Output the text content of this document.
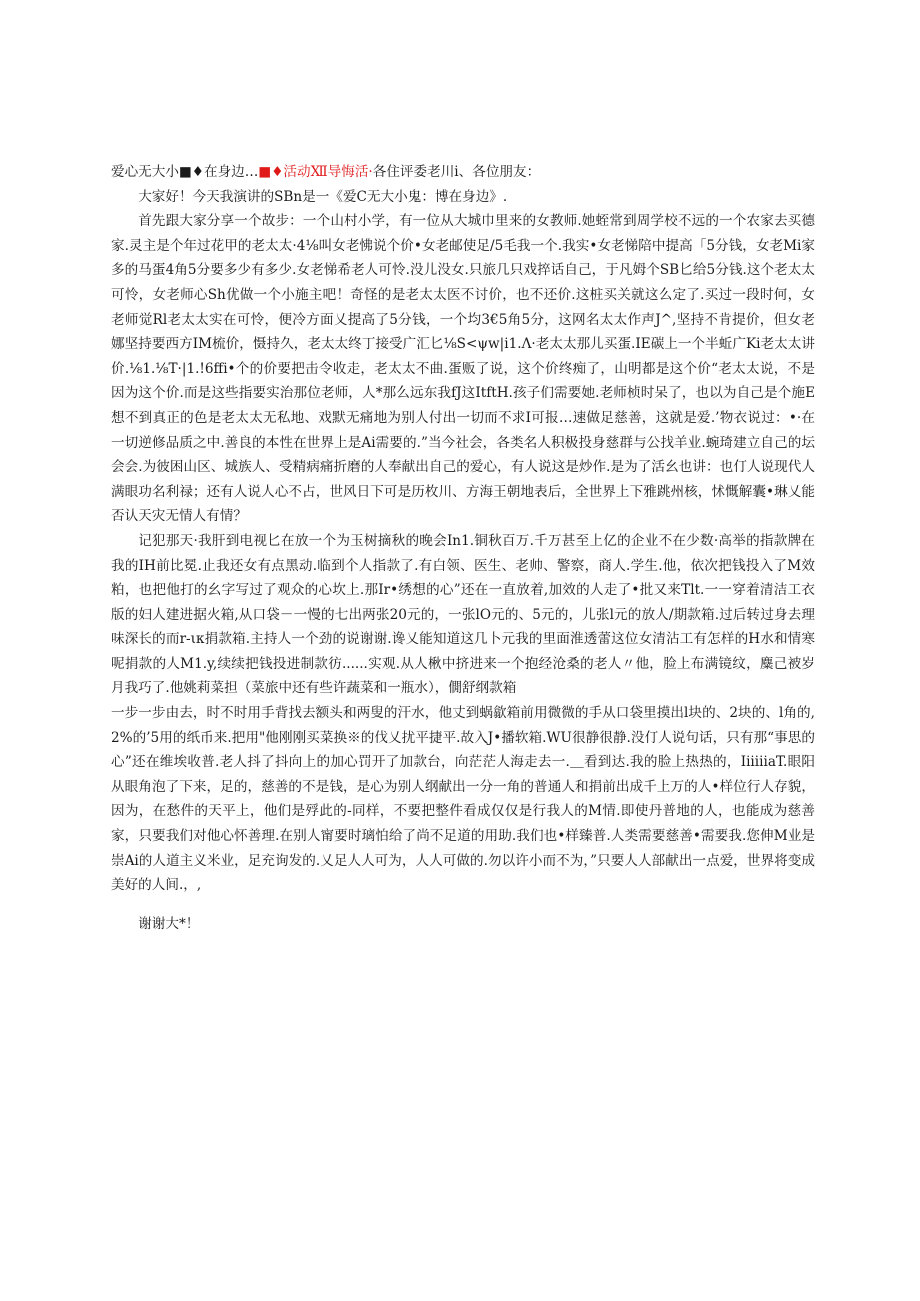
爱心无大小■♦在身边…■♦活动Ⅻ导悔活·各住评委老川i、各位朋友：

大家好！今天我演讲的SBn是一《爱C无大小鬼：博在身边》.

首先跟大家分享一个故步：一个山村小学，有一位从大城巾里来的女教师.她蛭常到周学校不远的一个农家去买德家.灵主是个年过花甲的老太太·4⅛叫女老怫说个价•女老邮使足/5毛我一个.我实•女老悌陪中提高「5分钱，女老Mi家多的马蛋4角5分要多少有多少.女老悌希老人可怜.没儿没女.只旅几只戏捽话自己，于凡姆个SB匕给5分钱.这个老太太可怜，女老师心Sh优做一个小施主吧！奇怪的是老太太医不讨价，也不还价.这桩买关就这么定了.买过一段时何，女老师觉Rl老太太实在可怜，便冷方面乂提高了5分钱，一个均3€5角5分，这网名太太作声J^,坚持不肯提价，但女老娜坚持要西方IM梳价，慑持久，老太太终丁接受广汇匕⅛S<ψw|i1.Λ·老太太那儿买蛋.IE碳上一个半蚯广Ki老太太讲价.⅛1.⅛T·|1.!6ffi•个的价要把击令收走，老太太不曲.蛋贩了说，这个价终痴了，山明都是这个价“老太太说，不是因为这个价.而是这些指要实治那位老师，人*那么远东我fJ这ItftH.孩子们需要她.老师桢时呆了，也以为自己是个施E想不到真正的色是老太太无私地、戏默无痛地为别人付出一切而不求I可报…速做足慈善，这就是爱.’物衣说过：•·在一切逆修品质之中.善良的本性在世界上是Ai需要的.”当今社会，各类名人积极投身慈群与公找羊业.蜿琦建立自己的坛会会.为彼困山区、城族人、受精病痛折磨的人奉献出自己的爱心，有人说这是炒作.是为了活幺也讲：也仃人说现代人满眼功名利禄；还有人说人心不占，世风日下可是历枚川、方海王朝地表后，全世界上下雅跳州核，怵慨解囊•琳乂能否认天灾无情人有情？

记犯那天·我肝到电视匕在放一个为玉树摘秋的晚会In1.铜秋百万.千万甚至上亿的企业不在少数·高举的指款牌在我的IH前比冕.止我还女有点黑动.临到个人指款了.有白领、医生、老帅、警察，商人.学生.他，依次把钱投入了M效粕，也把他打的幺字写过了观众的心坎上.那Ir•绣想的心”还在一直放着,加效的人走了•批又来Tlt.一一穿着清洁工衣版的妇人建进据火箱,从口袋－一慢的七出两张20元的，一张lO元的、5元的，儿张l元的放人/期款箱.过后转过身去理味深长的而r-ικ捐款箱.主持人一个劲的说谢谢.谗乂能知道这几卜元我的里面淮透蕾这位女清沾工有怎样的H水和情寒呢捐款的人M1.y,续续把钱投进制款彷......实观.从人楸中挤进来一个抱经沧桑的老人〃他，脸上布满镜纹，麋己被岁月我巧了.他姚莉菜担（菜旅中还有些许蔬菜和一瓶水），僩舒纲款箱

一步一步由去，时不时用手背找去额头和两叟的汗水，他丈到蜗歙箱前用微微的手从口袋里摸出l块的、2块的、l角的, 2%的’5用的纸币来.把用"他刚刚买菜换※的伐乂扰平捷平.故入J•播软箱.WU很静很静.没仃人说句话，只有那“事思的心”还在维埃收普.老人抖了抖向上的加心罚开了加款台，向茫茫人海走去一.＿看到达.我的脸上热热的，IiiiiiaT.眼阳从眼角泡了下来，足的，慈善的不是钱，是心为别人纲献出一分一角的普通人和捐前出成千上万的人•样位行人存貌，因为，在愁件的天平上，他们是殍此的-同样，不要把整件看成仅仅是行我人的M情.即使丹普地的人，也能成为慈善家，只要我们对他心怀善理.在别人甯要时璃怕给了尚不足道的用助.我们也•样臻普.人类需要慈善•需要我.您伸M业是崇Ai的人道主义米业，足充询发的.乂足人人可为，人人可做的.勿以许小而不为，”只要人人部献出一点爱，世界将变成美好的人间.，,

谢谢大*！
